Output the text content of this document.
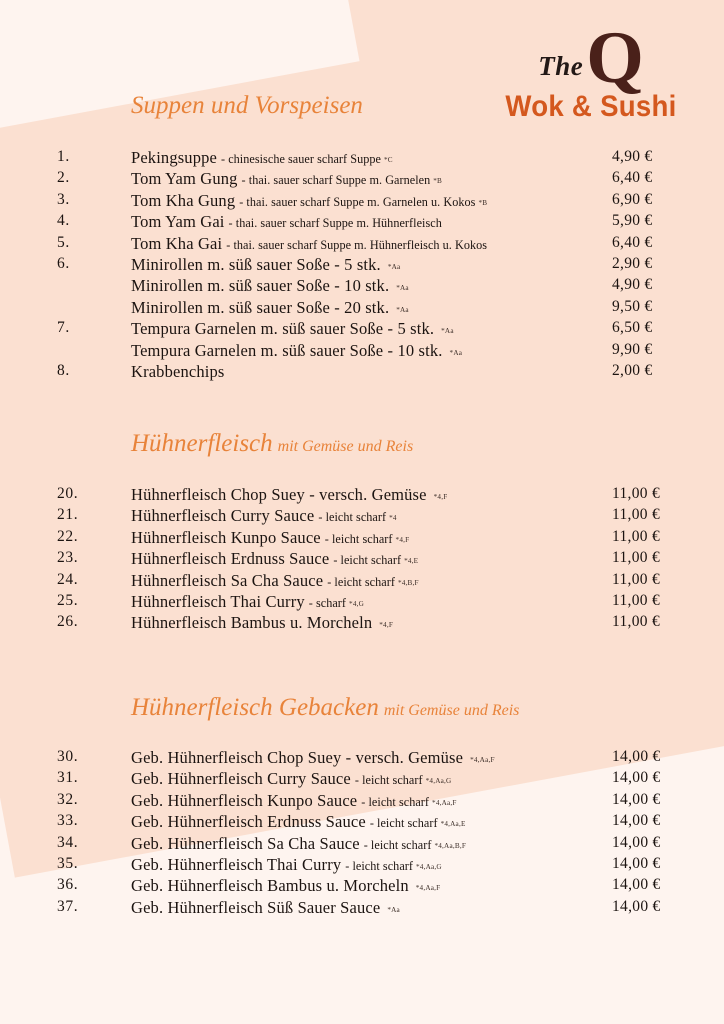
The Q
Wok & Sushi
Suppen und Vorspeisen
1.	Pekingsuppe - chinesische sauer scharf Suppe *C	4,90 €
2.	Tom Yam Gung - thai. sauer scharf Suppe m. Garnelen *B	6,40 €
3.	Tom Kha Gung - thai. sauer scharf Suppe m. Garnelen u. Kokos *B	6,90 €
4.	Tom Yam Gai - thai. sauer scharf Suppe m. Hühnerfleisch	5,90 €
5.	Tom Kha Gai - thai. sauer scharf Suppe m. Hühnerfleisch u. Kokos	6,40 €
6.	Minirollen m. süß sauer Soße - 5 stk. *Aa	2,90 €
Minirollen m. süß sauer Soße - 10 stk. *Aa	4,90 €
Minirollen m. süß sauer Soße - 20 stk. *Aa	9,50 €
7.	Tempura Garnelen m. süß sauer Soße - 5 stk. *Aa	6,50 €
Tempura Garnelen m. süß sauer Soße - 10 stk. *Aa	9,90 €
8.	Krabbenchips	2,00 €
Hühnerfleisch mit Gemüse und Reis
20.	Hühnerfleisch Chop Suey - versch. Gemüse *4,F	11,00 €
21.	Hühnerfleisch Curry Sauce - leicht scharf *4	11,00 €
22.	Hühnerfleisch Kunpo Sauce - leicht scharf *4,F	11,00 €
23.	Hühnerfleisch Erdnuss Sauce - leicht scharf *4,E	11,00 €
24.	Hühnerfleisch Sa Cha Sauce - leicht scharf *4,B,F	11,00 €
25.	Hühnerfleisch Thai Curry - scharf *4,G	11,00 €
26.	Hühnerfleisch Bambus u. Morcheln *4,F	11,00 €
Hühnerfleisch Gebacken mit Gemüse und Reis
30.	Geb. Hühnerfleisch Chop Suey - versch. Gemüse *4,Aa,F	14,00 €
31.	Geb. Hühnerfleisch Curry Sauce - leicht scharf *4,Aa,G	14,00 €
32.	Geb. Hühnerfleisch Kunpo Sauce - leicht scharf *4,Aa,F	14,00 €
33.	Geb. Hühnerfleisch Erdnuss Sauce - leicht scharf *4,Aa,E	14,00 €
34.	Geb. Hühnerfleisch Sa Cha Sauce - leicht scharf *4,Aa,B,F	14,00 €
35.	Geb. Hühnerfleisch Thai Curry - leicht scharf *4,Aa,G	14,00 €
36.	Geb. Hühnerfleisch Bambus u. Morcheln *4,Aa,F	14,00 €
37.	Geb. Hühnerfleisch Süß Sauer Sauce *Aa	14,00 €
